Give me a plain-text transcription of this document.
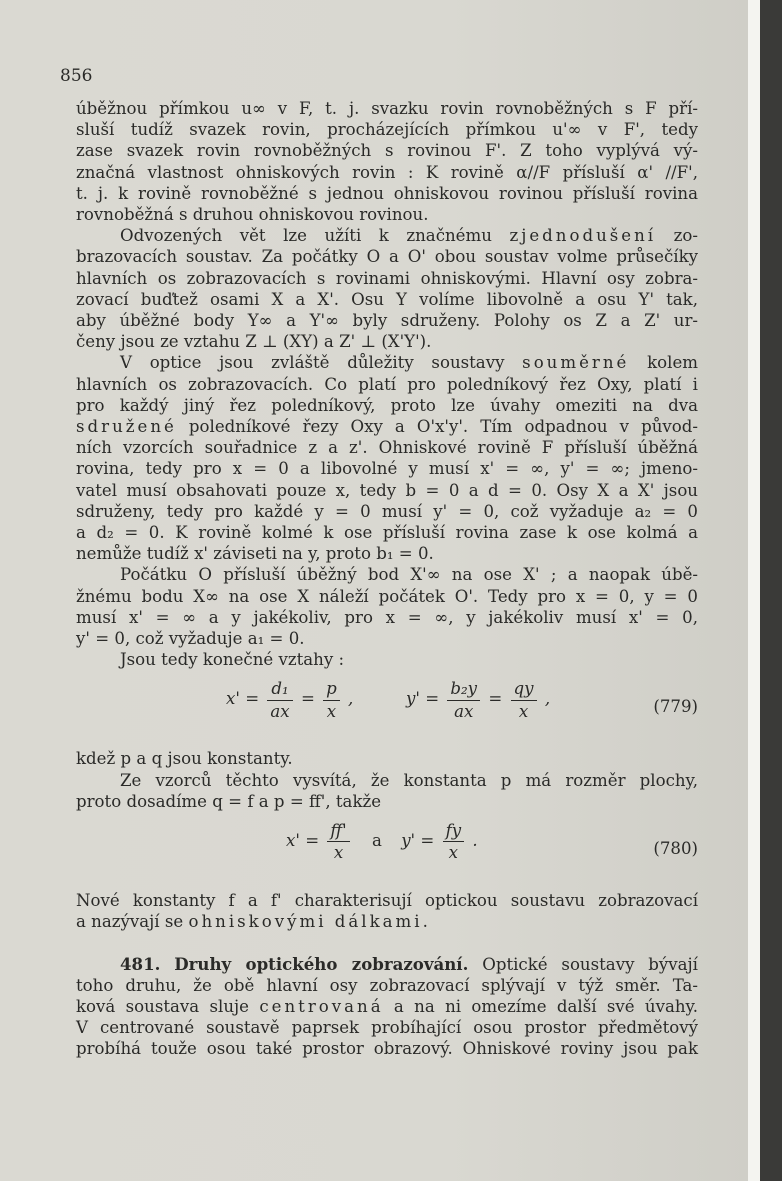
856
úběžnou přímkou u∞ v F, t. j. svazku rovin rovnoběžných s F pří-
sluší tudíž svazek rovin, procházejících přímkou u'∞ v F', tedy
zase svazek rovin rovnoběžných s rovinou F'. Z toho vyplývá vý-
značná vlastnost ohniskových rovin : K rovině α//F přísluší α' //F',
t. j. k rovině rovnoběžné s jednou ohniskovou rovinou přísluší rovina
rovnoběžná s druhou ohniskovou rovinou.
Odvozených vět lze užíti k značnému zjednodušení zo-
brazovacích soustav. Za počátky O a O' obou soustav volme průsečíky
hlavních os zobrazovacích s rovinami ohniskovými. Hlavní osy zobra-
zovací buďtež osami X a X'. Osu Y volíme libovolně a osu Y' tak,
aby úběžné body Y∞ a Y'∞ byly sdruženy. Polohy os Z a Z' ur-
čeny jsou ze vztahu Z ⊥ (XY) a Z' ⊥ (X'Y').
V optice jsou zvláště důležity soustavy souměrné kolem
hlavních os zobrazovacích. Co platí pro poledníkový řez Oxy, platí i
pro každý jiný řez poledníkový, proto lze úvahy omeziti na dva
sdružené poledníkové řezy Oxy a O'x'y'. Tím odpadnou v původ-
ních vzorcích souřadnice z a z'. Ohniskové rovině F přísluší úběžná
rovina, tedy pro x = 0 a libovolné y musí x' = ∞, y' = ∞; jmeno-
vatel musí obsahovati pouze x, tedy b = 0 a d = 0. Osy X a X' jsou
sdruženy, tedy pro každé y = 0 musí y' = 0, což vyžaduje a₂ = 0
a d₂ = 0. K rovině kolmé k ose přísluší rovina zase k ose kolmá a
nemůže tudíž x' záviseti na y, proto b₁ = 0.
Počátku O přísluší úběžný bod X'∞ na ose X' ; a naopak úbě-
žnému bodu X∞ na ose X náleží počátek O'. Tedy pro x = 0, y = 0
musí x' = ∞ a y jakékoliv, pro x = ∞, y jakékoliv musí x' = 0,
y' = 0, což vyžaduje a₁ = 0.
Jsou tedy konečné vztahy :
$x' = \frac{\text{d₁}}{ax} = \frac{p}{x}$ ,	$y' = \frac{\text{b₂y}}{ax} = \frac{qy}{x}$ ,	(779)
kdež p a q jsou konstanty.
Ze vzorců těchto vysvítá, že konstanta p má rozměr plochy,
proto dosadíme q = f a p = ff', takže
$x' = \frac{ff'}{x}$ a $y' = \frac{fy}{x}$ .	(780)
Nové konstanty f a f' charakterisují optickou soustavu zobrazovací
a nazývají se ohniskovými dálkami.
481. Druhy optického zobrazování. Optické soustavy bývají
toho druhu, že obě hlavní osy zobrazovací splývají v týž směr. Ta-
ková soustava sluje centrovaná a na ni omezíme další své úvahy.
V centrované soustavě paprsek probíhající osou prostor předmětový
probíhá touže osou také prostor obrazový. Ohniskové roviny jsou pak
